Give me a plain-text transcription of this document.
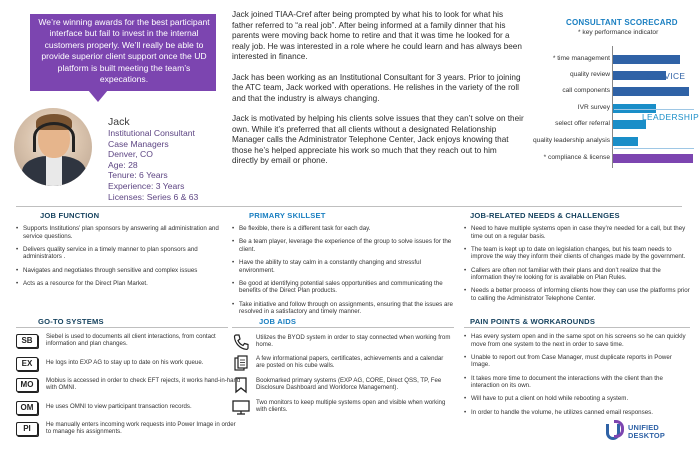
We’re winning awards for the best participant interface but fail to invest in the internal customers properly. We’ll really be able to provide superior client support once the UD platform is built meeting the team’s expecations.
Jack
Institutional Consultant
Case Managers
Denver, CO
Age: 28
Tenure: 6 Years
Experience: 3 Years
Licenses: Series 6 & 63

Jack joined TIAA-Cref after being prompted by what his to look for what his father referred to “a real job”. After being informed at a family dinner that his parents were moving back home to retire and that it was time he looked for a realy job. He was interested in a role where he could learn and has always been interested in finance.

Jack has been working as an Institutional Consultant for 3 years. Prior to joining the ATC team, Jack worked with operations. He relishes in the variety of the roll and that the industry is always changing.

Jack is motivated by helping his clients solve issues that they can’t solve on their own. While it’s preferred that all clients without a designated Relationship Manager calls the Administrator Telephone Center, Jack enjoys knowing that those he’s helped appreciate his work so much that they reach out to him directly by email or phone.

CONSULTANT SCORECARD
* key performance indicator
* time management
quality review
call components
IVR survey
select offer referral
quality leadership analysis
* compliance & license
SERVICE
LEADERSHIP
LICENSE
JOB FUNCTION
• Supports Institutions’ plan sponsors by answering all administration and service questions.
• Delivers quality service in a timely manner to plan sponsors and administrators .
• Navigates and negotiates through sensitive and complex issues
• Acts as a resource for the Direct Plan Market.
PRIMARY SKILLSET
• Be flexible, there is a different task for each day.
• Be a team player, leverage the experience of the group to solve issues for the client.
• Have the ability to stay calm in a constantly changing and stressful environment.
• Be good at identifying potential sales opportunities and communicating the benefits of the Direct Plan products.
• Take initiative and follow through on assignments, ensuring that the issues are resolved in a satisfactory and timely manner.
JOB-RELATED NEEDS & CHALLENGES
• Need to have multiple systems open in case they’re needed for a call, but they time out on a regular basis.
• The team is kept up to date on legislation changes, but his team needs to improve the way they inform their clients of changes made by the government.
• Callers are often not familiar with their plans and don’t realize that the information they’re looking for is available on Plan Rules.
• Needs a better process of informing clients how they can use the platforms prior to calling the Administrator Telephone Center.
GO-TO SYSTEMS
SB	Siebel is used to documents all client interactions, from contact information and plan changes.
EX	He logs into EXP AG to stay up to date on his work queue.
MO	Mobius is accessed in order to check EFT rejects, it works hand-in-hand with OMNI.
OM	He uses OMNI to view participant transaction records.
PI	He manually enters incoming work requests into Power Image in order to manage his assignments.
JOB AIDS
Utilizes the BYOD system in order to stay connected when working from home.
A few informational papers, certificates, achievements and a calendar are posted on his cube walls.
Bookmarked primary systems (EXP AG, CORE, Direct QSS, TP, Fee Disclosure Dashboard and Workforce Management).
Two monitors to keep multiple systems open and visible when working with clients.
PAIN POINTS & WORKAROUNDS
• Has every system open and in the same spot on his screens so he can quickly move from one system to the next in order to save time.
• Unable to report out from Case Manager, must duplicate reports in Power Image.
• It takes more time to document the interactions with the client than the interaction on its own.
• Will have to put a client on hold while rebooting a system.
• In order to handle the volume, he utilizes canned email responses.
UNIFIED
DESKTOP
